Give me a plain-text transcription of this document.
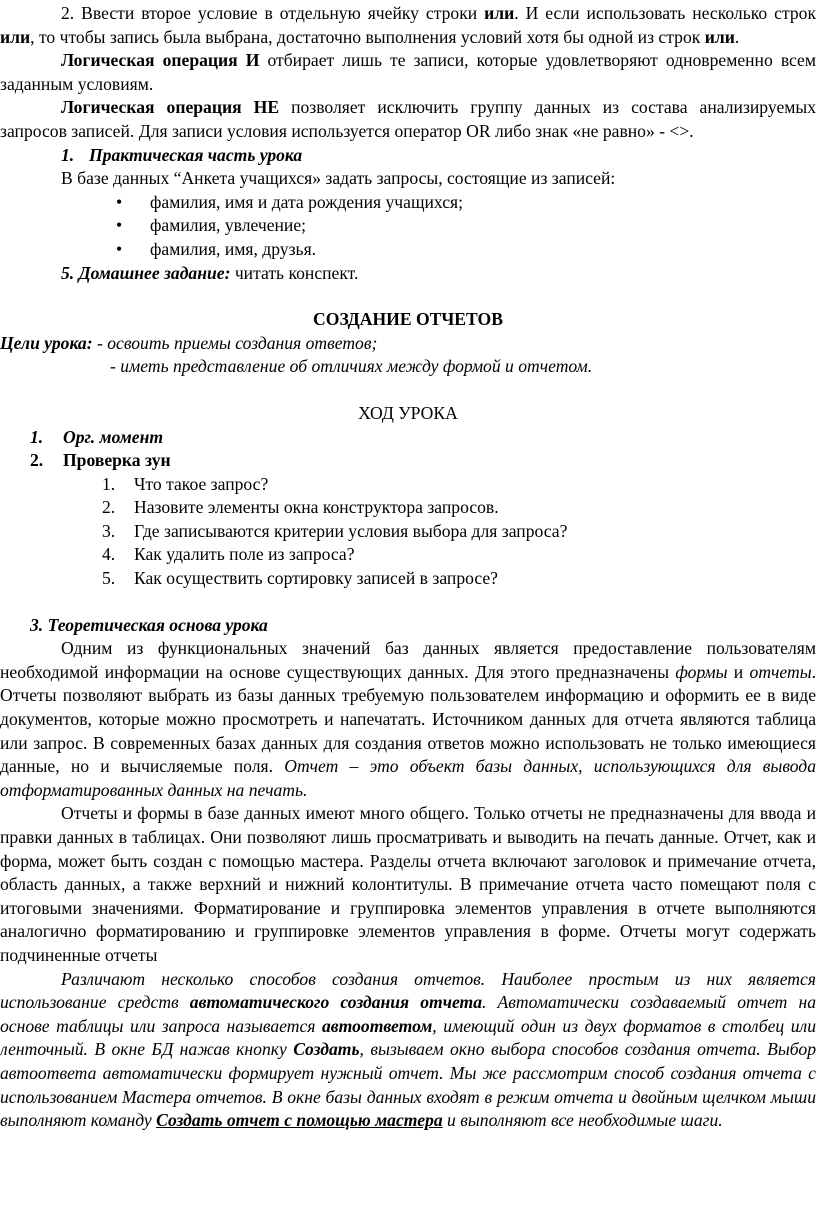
2. Ввести второе условие в отдельную ячейку строки или. И если использовать несколько строк или, то чтобы запись была выбрана, достаточно выполнения условий хотя бы одной из строк или.

Логическая операция И отбирает лишь те записи, которые удовлетворяют одновременно всем заданным условиям.

Логическая операция НЕ позволяет исключить группу данных из состава анализируемых запросов записей. Для записи условия используется оператор OR либо знак «не равно» - <>.

1. Практическая часть урока

В базе данных “Анкета учащихся» задать запросы, состоящие из записей:

• фамилия, имя и дата рождения учащихся;

• фамилия, увлечение;

• фамилия, имя, друзья.

5. Домашнее задание: читать конспект.

СОЗДАНИЕ ОТЧЕТОВ

Цели урока: - освоить приемы создания ответов;

- иметь представление об отличиях между формой и отчетом.

ХОД УРОКА

1. Орг. момент

2. Проверка зун

1. Что такое запрос?

2. Назовите элементы окна конструктора запросов.

3. Где записываются критерии условия выбора для запроса?

4. Как удалить поле из запроса?

5. Как осуществить сортировку записей в запросе?

3. Теоретическая основа урока

Одним из функциональных значений баз данных является предоставление пользователям необходимой информации на основе существующих данных. Для этого предназначены формы и отчеты. Отчеты позволяют выбрать из базы данных требуемую пользователем информацию и оформить ее в виде документов, которые можно просмотреть и напечатать. Источником данных для отчета являются таблица или запрос. В современных базах данных для создания ответов можно использовать не только имеющиеся данные, но и вычисляемые поля. Отчет – это объект базы данных, использующихся для вывода отформатированных данных на печать.

Отчеты и формы в базе данных имеют много общего. Только отчеты не предназначены для ввода и правки данных в таблицах. Они позволяют лишь просматривать и выводить на печать данные. Отчет, как и форма, может быть создан с помощью мастера. Разделы отчета включают заголовок и примечание отчета, область данных, а также верхний и нижний колонтитулы. В примечание отчета часто помещают поля с итоговыми значениями. Форматирование и группировка элементов управления в отчете выполняются аналогично форматированию и группировке элементов управления в форме. Отчеты могут содержать подчиненные отчеты

Различают несколько способов создания отчетов. Наиболее простым из них является использование средств автоматического создания отчета. Автоматически создаваемый отчет на основе таблицы или запроса называется автоответом, имеющий один из двух форматов в столбец или ленточный. В окне БД нажав кнопку Создать, вызываем окно выбора способов создания отчета. Выбор автоответа автоматически формирует нужный отчет. Мы же рассмотрим способ создания отчета с использованием Мастера отчетов. В окне базы данных входят в режим отчета и двойным щелчком мыши выполняют команду Создать отчет с помощью мастера и выполняют все необходимые шаги.
